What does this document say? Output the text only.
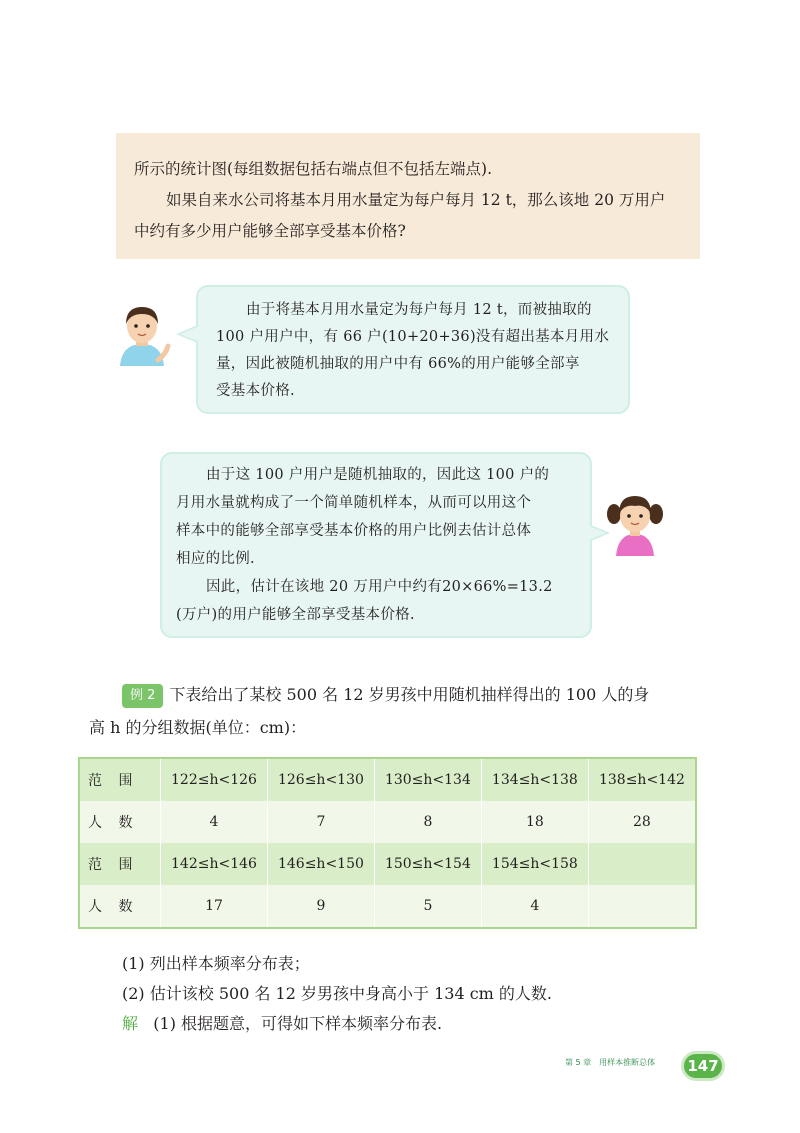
所示的统计图(每组数据包括右端点但不包括左端点).

如果自来水公司将基本月用水量定为每户每月 12 t，那么该地 20 万用户

中约有多少用户能够全部享受基本价格?

由于将基本月用水量定为每户每月 12 t，而被抽取的

100 户用户中，有 66 户(10+20+36)没有超出基本月用水

量，因此被随机抽取的用户中有 66%的用户能够全部享

受基本价格.

由于这 100 户用户是随机抽取的，因此这 100 户的

月用水量就构成了一个简单随机样本，从而可以用这个

样本中的能够全部享受基本价格的用户比例去估计总体

相应的比例.

因此，估计在该地 20 万用户中约有20×66%=13.2

(万户)的用户能够全部享受基本价格.

例 2 下表给出了某校 500 名 12 岁男孩中用随机抽样得出的 100 人的身

高 h 的分组数据(单位：cm)：

范 围	122≤h<126	126≤h<130	130≤h<134	134≤h<138	138≤h<142
人 数	4	7	8	18	28
范 围	142≤h<146	146≤h<150	150≤h<154	154≤h<158	
人 数	17	9	5	4	

(1) 列出样本频率分布表；

(2) 估计该校 500 名 12 岁男孩中身高小于 134 cm 的人数.

解 (1) 根据题意，可得如下样本频率分布表.

第 5 章　用样本推断总体 147
